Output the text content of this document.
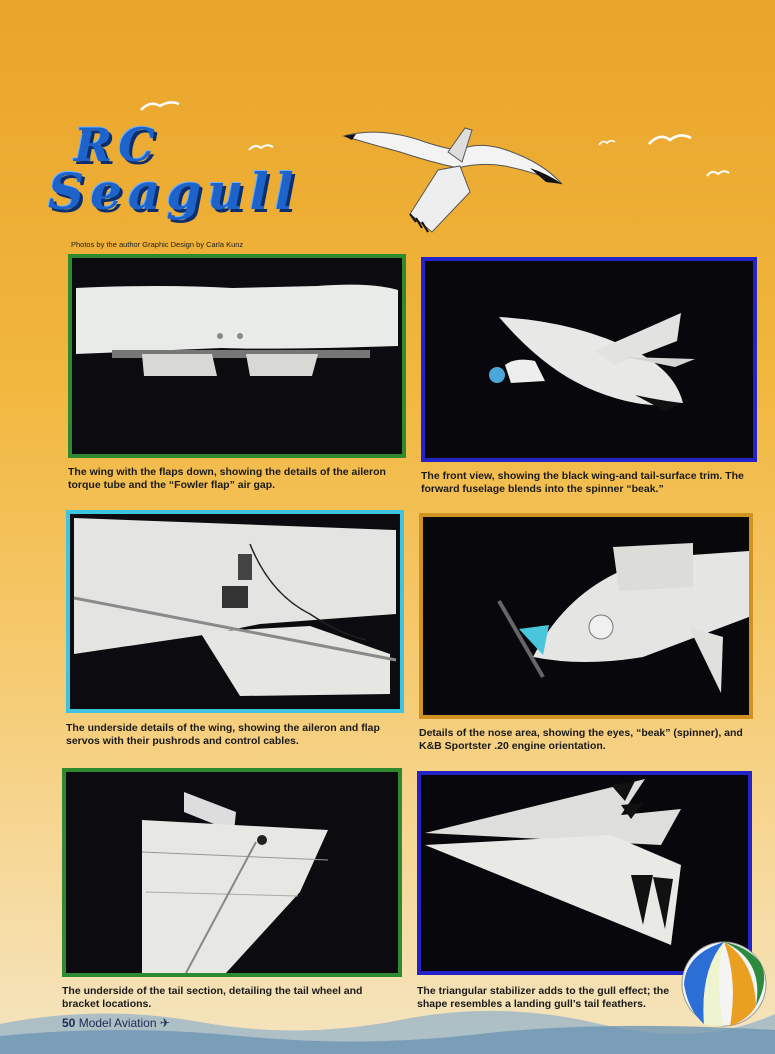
RC
Seagull
Photos by the author Graphic Design by Carla Kunz
The wing with the flaps down, showing the details of the aileron torque tube and the “Fowler flap” air gap.
The front view, showing the black wing-and tail-surface trim. The forward fuselage blends into the spinner “beak.”
The underside details of the wing, showing the aileron and flap servos with their pushrods and control cables.
Details of the nose area, showing the eyes, “beak” (spinner), and K&B Sportster .20 engine orientation.
The underside of the tail section, detailing the tail wheel and bracket locations.
The triangular stabilizer adds to the gull effect; the shape resembles a landing gull’s tail feathers.
50 Model Aviation ✈
